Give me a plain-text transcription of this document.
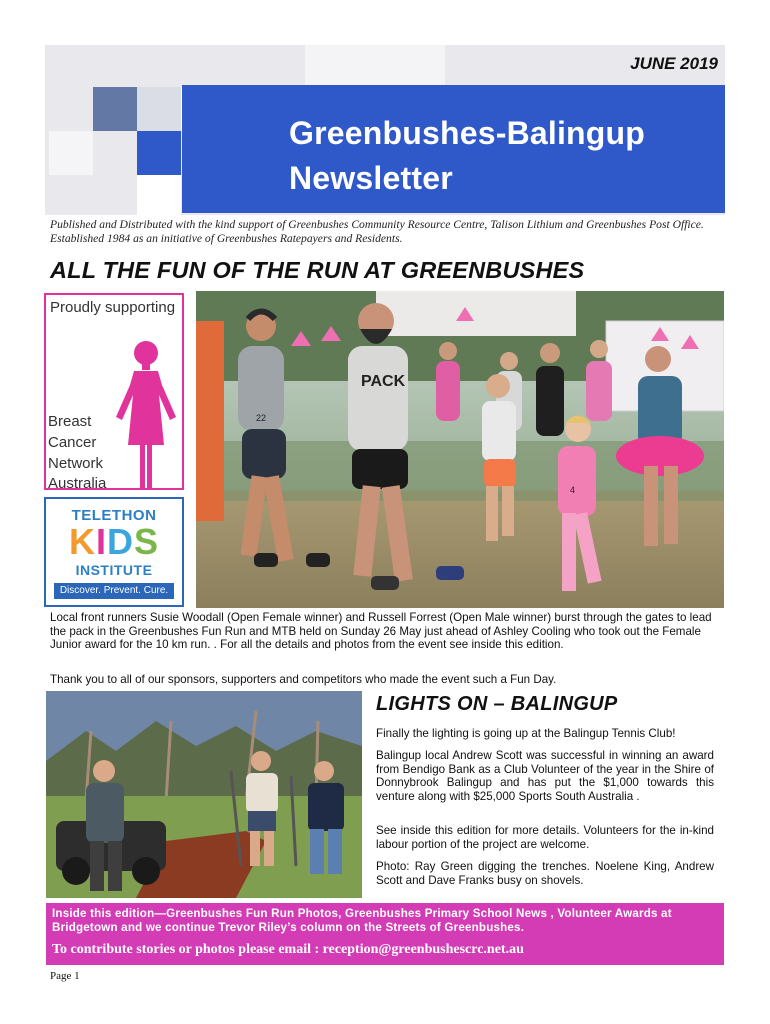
JUNE 2019
Greenbushes-Balingup
Newsletter
Published and Distributed with the kind support of Greenbushes Community Resource Centre, Talison Lithium and Greenbushes Post Office. Established 1984 as an initiative of Greenbushes Ratepayers and Residents.
ALL THE FUN OF THE RUN AT GREENBUSHES
Proudly supporting
Breast
Cancer
Network
Australia
TELETHON
KIDS
INSTITUTE
Discover. Prevent. Cure.
22
PACK
4
Local front runners Susie Woodall (Open Female winner) and Russell Forrest (Open Male winner) burst through the gates to lead the pack in the Greenbushes Fun Run and MTB held on Sunday 26 May just ahead of Ashley Cooling who took out the Female Junior award for the 10 km run. . For all the details and photos from the event see inside this edition.
Thank you to all of our sponsors, supporters and competitors who made the event such a Fun Day.
LIGHTS ON – BALINGUP
Finally the lighting is going up at the Balingup Tennis Club!
Balingup local Andrew Scott was successful in winning an award from Bendigo Bank as a Club Volunteer of the year in the Shire of Donnybrook Balingup and has put the $1,000 towards this venture along with $25,000 Sports South Australia .
See inside this edition for more details. Volunteers for the in-kind labour portion of the project are welcome.
Photo: Ray Green digging the trenches. Noelene King, Andrew Scott and Dave Franks busy on shovels.
Inside this edition—Greenbushes Fun Run Photos, Greenbushes Primary School News , Volunteer Awards at Bridgetown and we continue Trevor Riley’s column on the Streets of Greenbushes.
To contribute stories or photos please email : reception@greenbushescrc.net.au
Page 1
